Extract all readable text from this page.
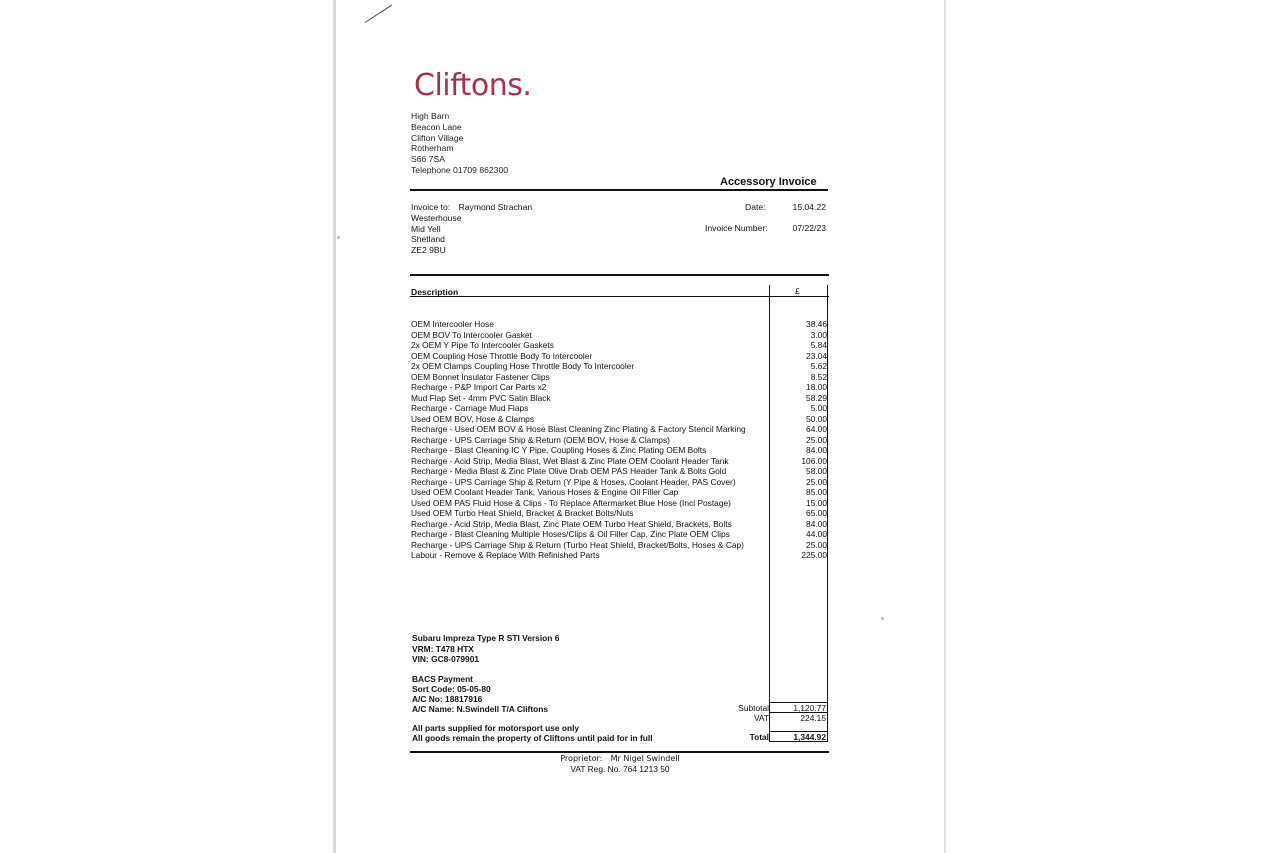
Cliftons.
High Barn
Beacon Lane
Clifton Village
Rotherham
S66 7SA
Telephone 01709 862300
Accessory Invoice
Invoice to: Raymond Strachan
Westerhouse
Mid Yell
Shetland
ZE2 9BU
Date:	15.04.22
Invoice Number:	07/22/23
Description	£
OEM Intercooler Hose	38.46
OEM BOV To Intercooler Gasket	3.00
2x OEM Y Pipe To Intercooler Gaskets	5.84
OEM Coupling Hose Throttle Body To Intercooler	23.04
2x OEM Clamps Coupling Hose Throttle Body To Intercooler	5.62
OEM Bonnet Insulator Fastener Clips	8.52
Recharge - P&P Import Car Parts x2	18.00
Mud Flap Set - 4mm PVC Satin Black	58.29
Recharge - Carriage Mud Flaps	5.00
Used OEM BOV, Hose & Clamps	50.00
Recharge - Used OEM BOV & Hose Blast Cleaning Zinc Plating & Factory Stencil Marking	64.00
Recharge - UPS Carriage Ship & Return (OEM BOV, Hose & Clamps)	25.00
Recharge - Blast Cleaning IC Y Pipe, Coupling Hoses & Zinc Plating OEM Bolts	84.00
Recharge - Acid Strip, Media Blast, Wet Blast & Zinc Plate OEM Coolant Header Tank	106.00
Recharge - Media Blast & Zinc Plate Olive Drab OEM PAS Header Tank & Bolts Gold	58.00
Recharge - UPS Carriage Ship & Return (Y Pipe & Hoses, Coolant Header, PAS Cover)	25.00
Used OEM Coolant Header Tank, Various Hoses & Engine Oil Filler Cap	85.00
Used OEM PAS Fluid Hose & Clips - To Replace Aftermarket Blue Hose (Incl Postage)	15.00
Used OEM Turbo Heat Shield, Bracket & Bracket Bolts/Nuts	65.00
Recharge - Acid Strip, Media Blast, Zinc Plate OEM Turbo Heat Shield, Brackets, Bolts	84.00
Recharge - Blast Cleaning Multiple Hoses/Clips & Oil Filler Cap, Zinc Plate OEM Clips	44.00
Recharge - UPS Carriage Ship & Return (Turbo Heat Shield, Bracket/Bolts, Hoses & Cap)	25.00
Labour - Remove & Replace With Refinished Parts	225.00
Subaru Impreza Type R STI Version 6
VRM: T478 HTX
VIN: GC8-079901
BACS Payment
Sort Code: 05-05-80
A/C No: 18817916
A/C Name: N.Swindell T/A Cliftons
All parts supplied for motorsport use only
All goods remain the property of Cliftons until paid for in full
Subtotal	1,120.77
VAT	224.15
Total	1,344.92
Proprietor: Mr Nigel Swindell
VAT Reg. No. 764 1213 50
